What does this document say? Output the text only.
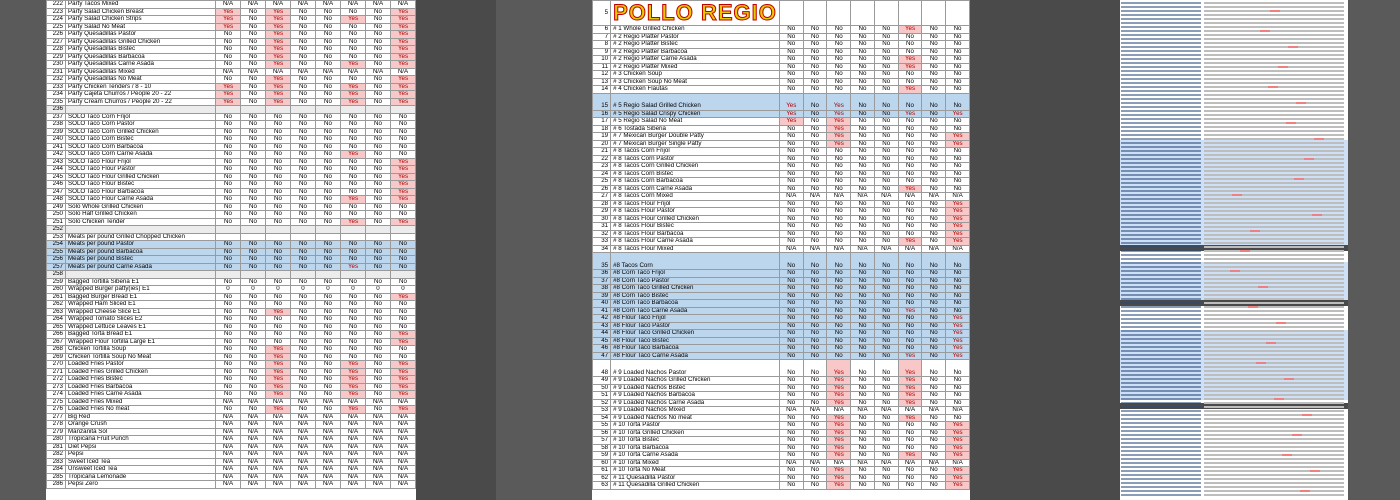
222	Party Tacos Mixed	N/A	N/A	N/A	N/A	N/A	N/A	N/A	N/A
223	Party Salad Chicken Breast	Yes	No	Yes	No	No	No	No	Yes
224	Party Salad Chicken Strips	Yes	No	Yes	No	No	Yes	No	Yes
225	Party Salad No Meat	Yes	No	Yes	No	No	No	No	Yes
226	Party Quesadillas Pastor	No	No	Yes	No	No	No	No	Yes
227	Party Quesadillas Grilled Chicken	No	No	Yes	No	No	No	No	Yes
228	Party Quesadillas Bistec	No	No	Yes	No	No	No	No	Yes
229	Party Quesadillas Barbacoa	No	No	Yes	No	No	No	No	Yes
230	Party Quesadillas Carne Asada	No	No	Yes	No	No	Yes	No	Yes
231	Party Quesadillas Mixed	N/A	N/A	N/A	N/A	N/A	N/A	N/A	N/A
232	Party Quesadillas No Meat	No	No	Yes	No	No	No	No	Yes
233	Party Chicken Tenders / 8 - 10	Yes	No	Yes	No	No	Yes	No	Yes
234	Party Cajeta Churros / People 20 - 22	Yes	No	Yes	No	No	Yes	No	Yes
235	Party Cream Churros / People 20 - 22	Yes	No	Yes	No	No	Yes	No	Yes
236									
237	SOLO Taco Corn Frijol	No	No	No	No	No	No	No	No
238	SOLO Taco Corn Pastor	No	No	No	No	No	No	No	No
239	SOLO Taco Corn Grilled Chicken	No	No	No	No	No	No	No	No
240	SOLO Taco Corn Bistec	No	No	No	No	No	No	No	No
241	SOLO Taco Corn Barbacoa	No	No	No	No	No	No	No	No
242	SOLO Taco Corn Carne Asada	No	No	No	No	No	Yes	No	No
243	SOLO Taco Flour Frijol	No	No	No	No	No	No	No	Yes
244	SOLO Taco Flour Pastor	No	No	No	No	No	No	No	Yes
245	SOLO Taco Flour Grilled Chicken	No	No	No	No	No	No	No	Yes
246	SOLO Taco Flour Bistec	No	No	No	No	No	No	No	Yes
247	SOLO Taco Flour Barbacoa	No	No	No	No	No	No	No	Yes
248	SOLO Taco Flour Carne Asada	No	No	No	No	No	Yes	No	Yes
249	Solo Whole Grilled Chicken	No	No	No	No	No	No	No	No
250	Solo Half Grilled Chicken	No	No	No	No	No	No	No	No
251	Solo Chicken Tender	No	No	No	No	No	Yes	No	Yes
252									
253	Meats per pound Grilled Chopped Chicken								
254	Meats per pound Pastor	No	No	No	No	No	No	No	No
255	Meats per pound Barbacoa	No	No	No	No	No	No	No	No
256	Meats per pound Bistec	No	No	No	No	No	No	No	No
257	Meats per pound Carne Asada	No	No	No	No	No	Yes	No	No
258									
259	Bagged Tortilla Sibena E1	No	No	No	No	No	No	No	No
260	Wrapped Burger patty(ies) E1	0	0	0	0	0	0	0	0
261	Bagged Burger Bread E1	No	No	No	No	No	No	No	Yes
262	Wrapped Ham Sliced E1	No	No	No	No	No	No	No	No
263	Wrapped Cheese Slice E1	No	No	Yes	No	No	No	No	No
264	Wrapped Tomato Slices E2	No	No	No	No	No	No	No	No
265	Wrapped Lettuce Leaves E1	No	No	No	No	No	No	No	No
266	Bagged Torta Bread E1	No	No	No	No	No	No	No	Yes
267	Wrapped Flour Tortilla Large E1	No	No	No	No	No	No	No	Yes
268	Chicken Tortilla Soup	No	No	Yes	No	No	No	No	No
269	Chicken Tortilla Soup No Meat	No	No	Yes	No	No	No	No	No
270	Loaded Fries Pastor	No	No	Yes	No	No	Yes	No	Yes
271	Loaded Fries Grilled Chicken	No	No	Yes	No	No	Yes	No	Yes
272	Loaded Fries Bistec	No	No	Yes	No	No	Yes	No	Yes
273	Loaded Fries Barbacoa	No	No	Yes	No	No	Yes	No	Yes
274	Loaded Fries Carne Asada	No	No	Yes	No	No	Yes	No	Yes
275	Loaded Fries Mixed	N/A	N/A	N/A	N/A	N/A	N/A	N/A	N/A
276	Loaded Fries No meat	No	No	Yes	No	No	Yes	No	Yes
277	Big Red	N/A	N/A	N/A	N/A	N/A	N/A	N/A	N/A
278	Orange Crush	N/A	N/A	N/A	N/A	N/A	N/A	N/A	N/A
279	Manzanita Sol	N/A	N/A	N/A	N/A	N/A	N/A	N/A	N/A
280	Tropicana Fruit Punch	N/A	N/A	N/A	N/A	N/A	N/A	N/A	N/A
281	Diet Pepsi	N/A	N/A	N/A	N/A	N/A	N/A	N/A	N/A
282	Pepsi	N/A	N/A	N/A	N/A	N/A	N/A	N/A	N/A
283	Sweet Iced Tea	N/A	N/A	N/A	N/A	N/A	N/A	N/A	N/A
284	Unsweet Iced Tea	N/A	N/A	N/A	N/A	N/A	N/A	N/A	N/A
285	Tropicana Lemonade	N/A	N/A	N/A	N/A	N/A	N/A	N/A	N/A
286	Pepsi Zero	N/A	N/A	N/A	N/A	N/A	N/A	N/A	N/A
5	POLLO REGIO								
6	# 1 Whole Grilled Chicken	No	No	No	No	No	Yes	No	No
7	# 2 Regio Platter Pastor	No	No	No	No	No	No	No	No
8	# 2 Regio Platter Bistec	No	No	No	No	No	No	No	No
9	# 2 Regio Platter Barbacoa	No	No	No	No	No	No	No	No
10	# 2 Regio Platter Carne Asada	No	No	No	No	No	Yes	No	No
11	# 2 Regio Platter Mixed	No	No	No	No	No	Yes	No	No
12	# 3 Chicken Soup	No	No	No	No	No	No	No	No
13	# 3 Chicken Soup No Meat	No	No	No	No	No	No	No	No
14	# 4 Chicken Flautas	No	No	No	No	No	Yes	No	No
15	# 5 Regio Salad Grilled Chicken	Yes	No	Yes	No	No	No	No	No
16	# 5 Regio Salad Crispy Chicken	Yes	No	Yes	No	No	Yes	No	Yes
17	# 5 Regio Salad No Meat	Yes	No	Yes	No	No	No	No	No
18	# 6 Tostada Siberia	No	No	Yes	No	No	No	No	No
19	# 7 Mexican Burger Double Patty	No	No	Yes	No	No	No	No	Yes
20	# 7 Mexican Burger Single Patty	No	No	Yes	No	No	No	No	Yes
21	# 8 Tacos Corn Frijol	No	No	No	No	No	No	No	No
22	# 8 Tacos Corn Pastor	No	No	No	No	No	No	No	No
23	# 8 Tacos Corn Grilled Chicken	No	No	No	No	No	No	No	No
24	# 8 Tacos Corn Bistec	No	No	No	No	No	No	No	No
25	# 8 Tacos Corn Barbacoa	No	No	No	No	No	No	No	No
26	# 8 Tacos Corn Carne Asada	No	No	No	No	No	Yes	No	No
27	# 8 Tacos Corn Mixed	N/A	N/A	N/A	N/A	N/A	N/A	N/A	N/A
28	# 8 Tacos Flour Frijol	No	No	No	No	No	No	No	Yes
29	# 8 Tacos Flour Pastor	No	No	No	No	No	No	No	Yes
30	# 8 Tacos Flour Grilled Chicken	No	No	No	No	No	No	No	Yes
31	# 8 Tacos Flour Bistec	No	No	No	No	No	No	No	Yes
32	# 8 Tacos Flour Barbacoa	No	No	No	No	No	No	No	Yes
33	# 8 Tacos Flour Carne Asada	No	No	No	No	No	Yes	No	Yes
34	# 8 Tacos Flour Mixed	N/A	N/A	N/A	N/A	N/A	N/A	N/A	N/A
35	#8 Tacos Corn	No	No	No	No	No	No	No	No
36	#8 Corn Taco Frijol	No	No	No	No	No	No	No	No
37	#8 Corn Taco Pastor	No	No	No	No	No	No	No	No
38	#8 Corn Taco Grilled Chicken	No	No	No	No	No	No	No	No
39	#8 Corn Taco Bistec	No	No	No	No	No	No	No	No
40	#8 Corn Taco Barbacoa	No	No	No	No	No	No	No	No
41	#8 Corn Taco Carne Asada	No	No	No	No	No	Yes	No	No
42	#8 Flour Taco Frijol	No	No	No	No	No	No	No	Yes
43	#8 Flour Taco Pastor	No	No	No	No	No	No	No	Yes
44	#8 Flour Taco Grilled Chicken	No	No	No	No	No	No	No	Yes
45	#8 Flour Taco Bistec	No	No	No	No	No	No	No	Yes
46	#8 Flour Taco Barbacoa	No	No	No	No	No	No	No	Yes
47	#8 Flour Taco Carne Asada	No	No	No	No	No	Yes	No	Yes
48	# 9 Loaded Nachos Pastor	No	No	Yes	No	No	Yes	No	No
49	# 9 Loaded Nachos Grilled Chicken	No	No	Yes	No	No	Yes	No	No
50	# 9 Loaded Nachos Bistec	No	No	Yes	No	No	Yes	No	No
51	# 9 Loaded Nachos Barbacoa	No	No	Yes	No	No	Yes	No	No
52	# 9 Loaded Nachos Carne Asada	No	No	Yes	No	No	Yes	No	No
53	# 9 Loaded Nachos Mixed	N/A	N/A	N/A	N/A	N/A	N/A	N/A	N/A
54	# 9 Loaded Nachos No meat	No	No	Yes	No	No	Yes	No	No
55	# 10 Torta Pastor	No	No	Yes	No	No	No	No	Yes
56	# 10 Torta Grilled Chicken	No	No	Yes	No	No	No	No	Yes
57	# 10 Torta Bistec	No	No	Yes	No	No	No	No	Yes
58	# 10 Torta Barbacoa	No	No	Yes	No	No	No	No	Yes
59	# 10 Torta Carne Asada	No	No	Yes	No	No	Yes	No	Yes
60	# 10 Torta Mixed	N/A	N/A	N/A	N/A	N/A	N/A	N/A	N/A
61	# 10 Torta No Meat	No	No	Yes	No	No	No	No	Yes
62	# 11 Quesadilla Pastor	No	No	Yes	No	No	No	No	Yes
63	# 11 Quesadilla Grilled Chicken	No	No	Yes	No	No	No	No	Yes
